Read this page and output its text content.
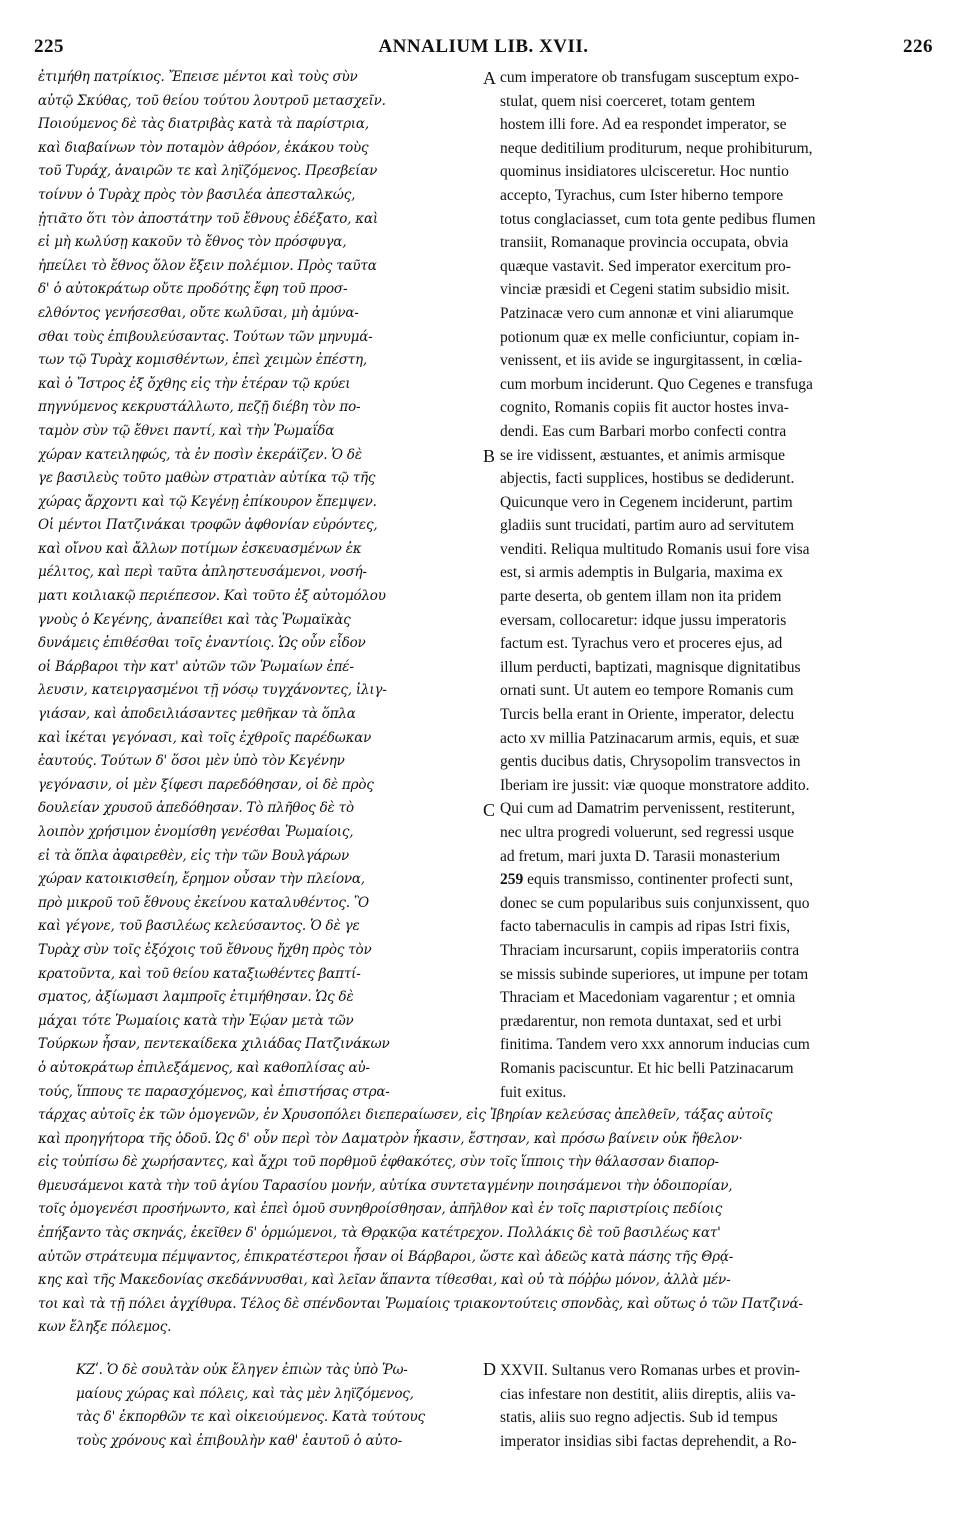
225	ANNALIUM LIB. XVII.	226
ἐτιμήθη πατρίκιος. Ἔπεισε μέντοι καὶ τοὺς σὺν
αὐτῷ Σκύθας, τοῦ θείου τούτου λουτροῦ μετασχεῖν.
Ποιούμενος δὲ τὰς διατριβὰς κατὰ τὰ παρίστρια,
καὶ διαβαίνων τὸν ποταμὸν ἀθρόον, ἐκάκου τοὺς
τοῦ Τυράχ, ἀναιρῶν τε καὶ ληϊζόμενος. Πρεσβείαν
τοίνυν ὁ Τυρὰχ πρὸς τὸν βασιλέα ἀπεσταλκώς,
ᾐτιᾶτο ὅτι τὸν ἀποστάτην τοῦ ἔθνους ἐδέξατο, καὶ
εἰ μὴ κωλύσῃ κακοῦν τὸ ἔθνος τὸν πρόσφυγα,
ἠπείλει τὸ ἔθνος ὅλον ἕξειν πολέμιον. Πρὸς ταῦτα
δ' ὁ αὐτοκράτωρ οὔτε προδότης ἔφη τοῦ προσ-
ελθόντος γενήσεσθαι, οὔτε κωλῦσαι, μὴ ἀμύνα-
σθαι τοὺς ἐπιβουλεύσαντας. Τούτων τῶν μηνυμά-
των τῷ Τυρὰχ κομισθέντων, ἐπεὶ χειμὼν ἐπέστη,
καὶ ὁ Ἴστρος ἐξ ὄχθης εἰς τὴν ἑτέραν τῷ κρύει
πηγνύμενος κεκρυστάλλωτο, πεζῇ διέβη τὸν πο-
ταμὸν σὺν τῷ ἔθνει παντί, καὶ τὴν Ῥωμαΐδα
χώραν κατειληφώς, τὰ ἐν ποσὶν ἐκεράϊζεν. Ὁ δὲ
γε βασιλεὺς τοῦτο μαθὼν στρατιὰν αὐτίκα τῷ τῆς
χώρας ἄρχοντι καὶ τῷ Κεγένῃ ἐπίκουρον ἔπεμψεν.
Οἱ μέντοι Πατζινάκαι τροφῶν ἀφθονίαν εὑρόντες,
καὶ οἴνου καὶ ἄλλων ποτίμων ἐσκευασμένων ἐκ
μέλιτος, καὶ περὶ ταῦτα ἀπληστευσάμενοι, νοσή-
ματι κοιλιακῷ περιέπεσον. Καὶ τοῦτο ἐξ αὐτομόλου
γνοὺς ὁ Κεγένης, ἀναπείθει καὶ τὰς Ῥωμαϊκὰς
δυνάμεις ἐπιθέσθαι τοῖς ἐναντίοις. Ὡς οὖν εἶδον
οἱ Βάρβαροι τὴν κατ' αὐτῶν τῶν Ῥωμαίων ἐπέ-
λευσιν, κατειργασμένοι τῇ νόσῳ τυγχάνοντες, ἰλιγ-
γιάσαν, καὶ ἀποδειλιάσαντες μεθῆκαν τὰ ὅπλα
καὶ ἱκέται γεγόνασι, καὶ τοῖς ἐχθροῖς παρέδωκαν
ἑαυτούς. Τούτων δ' ὅσοι μὲν ὑπὸ τὸν Κεγένην
γεγόνασιν, οἱ μὲν ξίφεσι παρεδόθησαν, οἱ δὲ πρὸς
δουλείαν χρυσοῦ ἀπεδόθησαν. Τὸ πλῆθος δὲ τὸ
λοιπὸν χρήσιμον ἐνομίσθη γενέσθαι Ῥωμαίοις,
εἰ τὰ ὅπλα ἀφαιρεθὲν, εἰς τὴν τῶν Βουλγάρων
χώραν κατοικισθείη, ἔρημον οὖσαν τὴν πλείονα,
πρὸ μικροῦ τοῦ ἔθνους ἐκείνου καταλυθέντος. Ὃ
καὶ γέγονε, τοῦ βασιλέως κελεύσαντος. Ὁ δὲ γε
Τυρὰχ σὺν τοῖς ἐξόχοις τοῦ ἔθνους ἤχθη πρὸς τὸν
κρατοῦντα, καὶ τοῦ θείου καταξιωθέντες βαπτί-
σματος, ἀξίωμασι λαμπροῖς ἐτιμήθησαν. Ὡς δὲ
μάχαι τότε Ῥωμαίοις κατὰ τὴν Ἑῴαν μετὰ τῶν
Τούρκων ἦσαν, πεντεκαίδεκα χιλιάδας Πατζινάκων
ὁ αὐτοκράτωρ ἐπιλεξάμενος, καὶ καθοπλίσας αὐ-
τούς, ἵππους τε παρασχόμενος, καὶ ἐπιστήσας στρα-
cum imperatore ob transfugam susceptum expo-
stulat, quem nisi coerceret, totam gentem
hostem illi fore. Ad ea respondet imperator, se
neque deditilium proditurum, neque prohibiturum,
quominus insidiatores ulcisceretur. Hoc nuntio
accepto, Tyrachus, cum Ister hiberno tempore
totus conglaciasset, cum tota gente pedibus flumen
transiit, Romanaque provincia occupata, obvia
quæque vastavit. Sed imperator exercitum pro-
vinciæ præsidi et Cegeni statim subsidio misit.
Patzinacæ vero cum annonæ et vini aliarumque
potionum quæ ex melle conficiuntur, copiam in-
venissent, et iis avide se ingurgitassent, in cœlia-
cum morbum inciderunt. Quo Cegenes e transfuga
cognito, Romanis copiis fit auctor hostes inva-
dendi. Eas cum Barbari morbo confecti contra
se ire vidissent, æstuantes, et animis armisque
abjectis, facti supplices, hostibus se dediderunt.
Quicunque vero in Cegenem inciderunt, partim
gladiis sunt trucidati, partim auro ad servitutem
venditi. Reliqua multitudo Romanis usui fore visa
est, si armis ademptis in Bulgaria, maxima ex
parte deserta, ob gentem illam non ita pridem
eversam, collocaretur: idque jussu imperatoris
factum est. Tyrachus vero et proceres ejus, ad
illum perducti, baptizati, magnisque dignitatibus
ornati sunt. Ut autem eo tempore Romanis cum
Turcis bella erant in Oriente, imperator, delectu
acto xv millia Patzinacarum armis, equis, et suæ
gentis ducibus datis, Chrysopolim transvectos in
Iberiam ire jussit: viæ quoque monstratore addito.
Qui cum ad Damatrim pervenissent, restiterunt,
nec ultra progredi voluerunt, sed regressi usque
ad fretum, mari juxta D. Tarasii monasterium
259 equis transmisso, continenter profecti sunt,
donec se cum popularibus suis conjunxissent, quo
facto tabernaculis in campis ad ripas Istri fixis,
Thraciam incursarunt, copiis imperatoriis contra
se missis subinde superiores, ut impune per totam
Thraciam et Macedoniam vagarentur ; et omnia
prædarentur, non remota duntaxat, sed et urbi
finitima. Tandem vero xxx annorum inducias cum
Romanis paciscuntur. Et hic belli Patzinacarum
fuit exitus.
τάρχας αὐτοῖς ἐκ τῶν ὁμογενῶν, ἐν Χρυσοπόλει διεπεραίωσεν, εἰς Ἰβηρίαν κελεύσας ἀπελθεῖν, τάξας αὐτοῖς
καὶ προηγήτορα τῆς ὁδοῦ. Ὡς δ' οὖν περὶ τὸν Δαματρὸν ἧκασιν, ἔστησαν, καὶ πρόσω βαίνειν οὐκ ἤθελον·
εἰς τοὐπίσω δὲ χωρήσαντες, καὶ ἄχρι τοῦ πορθμοῦ ἐφθακότες, σὺν τοῖς ἵπποις τὴν θάλασσαν διαπορ-
θμευσάμενοι κατὰ τὴν τοῦ ἁγίου Ταρασίου μονήν, αὐτίκα συντεταγμένην ποιησάμενοι τὴν ὁδοιπορίαν,
τοῖς ὁμογενέσι προσήνωντο, καὶ ἐπεὶ ὁμοῦ συνηθροίσθησαν, ἀπῆλθον καὶ ἐν τοῖς παριστρίοις πεδίοις
ἐπήξαντο τὰς σκηνάς, ἐκεῖθεν δ' ὁρμώμενοι, τὰ Θρᾳκῷα κατέτρεχον. Πολλάκις δὲ τοῦ βασιλέως κατ'
αὐτῶν στράτευμα πέμψαντος, ἐπικρατέστεροι ἦσαν οἱ Βάρβαροι, ὥστε καὶ ἀδεῶς κατὰ πάσης τῆς Θρᾴ-
κης καὶ τῆς Μακεδονίας σκεδάννυσθαι, καὶ λεῖαν ἅπαντα τίθεσθαι, καὶ οὐ τὰ πόῤῥω μόνον, ἀλλὰ μέν-
τοι καὶ τὰ τῇ πόλει ἀγχίθυρα. Τέλος δὲ σπένδονται Ῥωμαίοις τριακοντούτεις σπονδὰς, καὶ οὕτως ὁ τῶν Πατζινά-
κων ἔληξε πόλεμος.
ΚΖʹ. Ὁ δὲ σουλτὰν οὐκ ἔληγεν ἐπιὼν τὰς ὑπὸ Ῥω-
μαίους χώρας καὶ πόλεις, καὶ τὰς μὲν ληϊζόμενος,
τὰς δ' ἐκπορθῶν τε καὶ οἰκειούμενος. Κατὰ τούτους
τοὺς χρόνους καὶ ἐπιβουλὴν καθ' ἑαυτοῦ ὁ αὐτο-
XXVII. Sultanus vero Romanas urbes et provin-
cias infestare non destitit, aliis direptis, aliis va-
statis, aliis suo regno adjectis. Sub id tempus
imperator insidias sibi factas deprehendit, a Ro-
A
B
C
D
